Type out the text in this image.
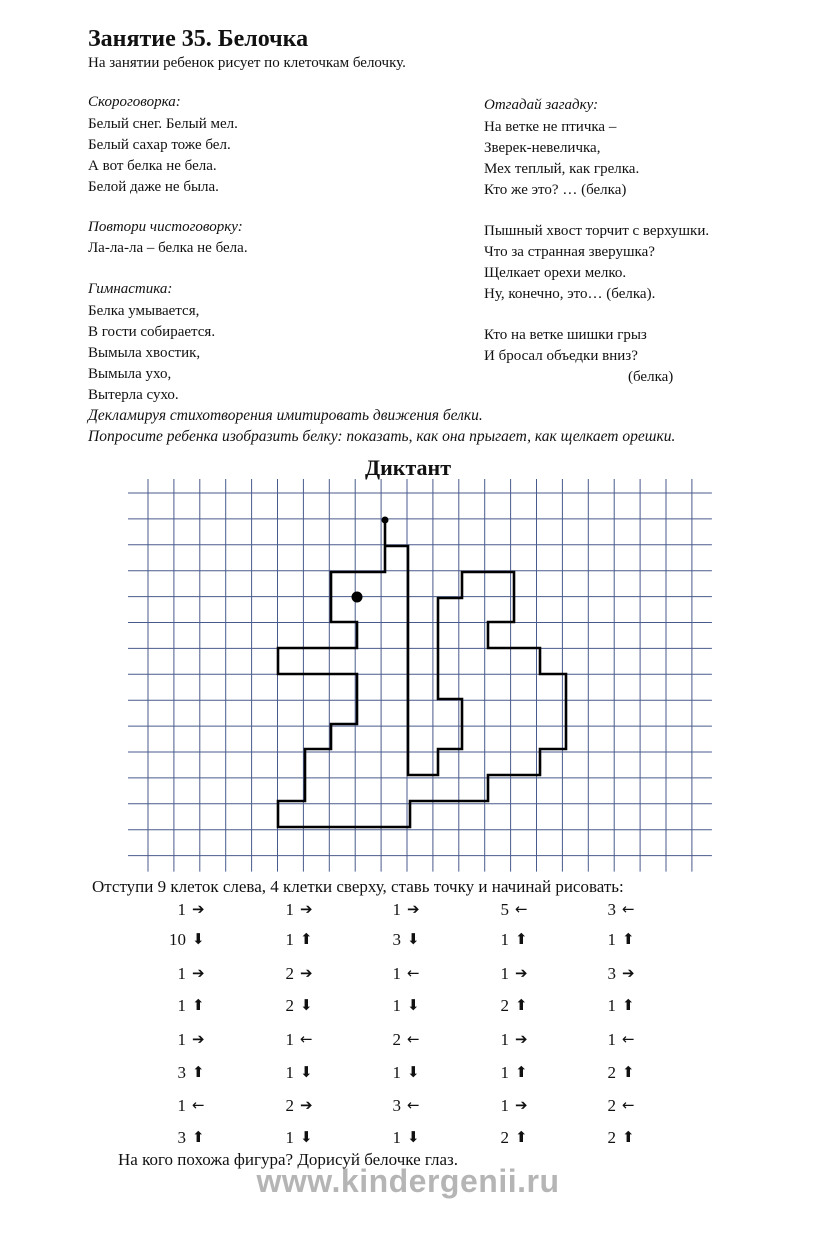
Занятие 35. Белочка
На занятии ребенок рисует по клеточкам белочку.
Скороговорка:
Белый снег. Белый мел.
Белый сахар тоже бел.
А вот белка не бела.
Белой даже не была.
Повтори чистоговорку:
Ла-ла-ла – белка не бела.
Гимнастика:
Белка умывается,
В гости собирается.
Вымыла хвостик,
Вымыла ухо,
Вытерла сухо.
Отгадай загадку:
На ветке не птичка –
Зверек-невеличка,
Мех теплый, как грелка.
Кто же это? … (белка)
Пышный хвост торчит с верхушки.
Что за странная зверушка?
Щелкает орехи мелко.
Ну, конечно, это… (белка).
Кто на ветке шишки грыз
И бросал объедки вниз?
(белка)
Декламируя стихотворения имитировать движения белки.
Попросите ребенка изобразить белку: показать, как она прыгает, как щелкает орешки.
Диктант
Отступи 9 клеток слева, 4 клетки сверху, ставь точку и начинай рисовать:
1 ➔
10 ⬇
1 ➔
1 ⬆
1 ➔
3 ⬆
1 ←
3 ⬆
1 ➔
1 ⬆
2 ➔
2 ⬇
1 ←
1 ⬇
2 ➔
1 ⬇
1 ➔
3 ⬇
1 ←
1 ⬇
2 ←
1 ⬇
3 ←
1 ⬇
5 ←
1 ⬆
1 ➔
2 ⬆
1 ➔
1 ⬆
1 ➔
2 ⬆
3 ←
1 ⬆
3 ➔
1 ⬆
1 ←
2 ⬆
2 ←
2 ⬆
На кого похожа фигура? Дорисуй белочке глаз.
www.kindergenii.ru
